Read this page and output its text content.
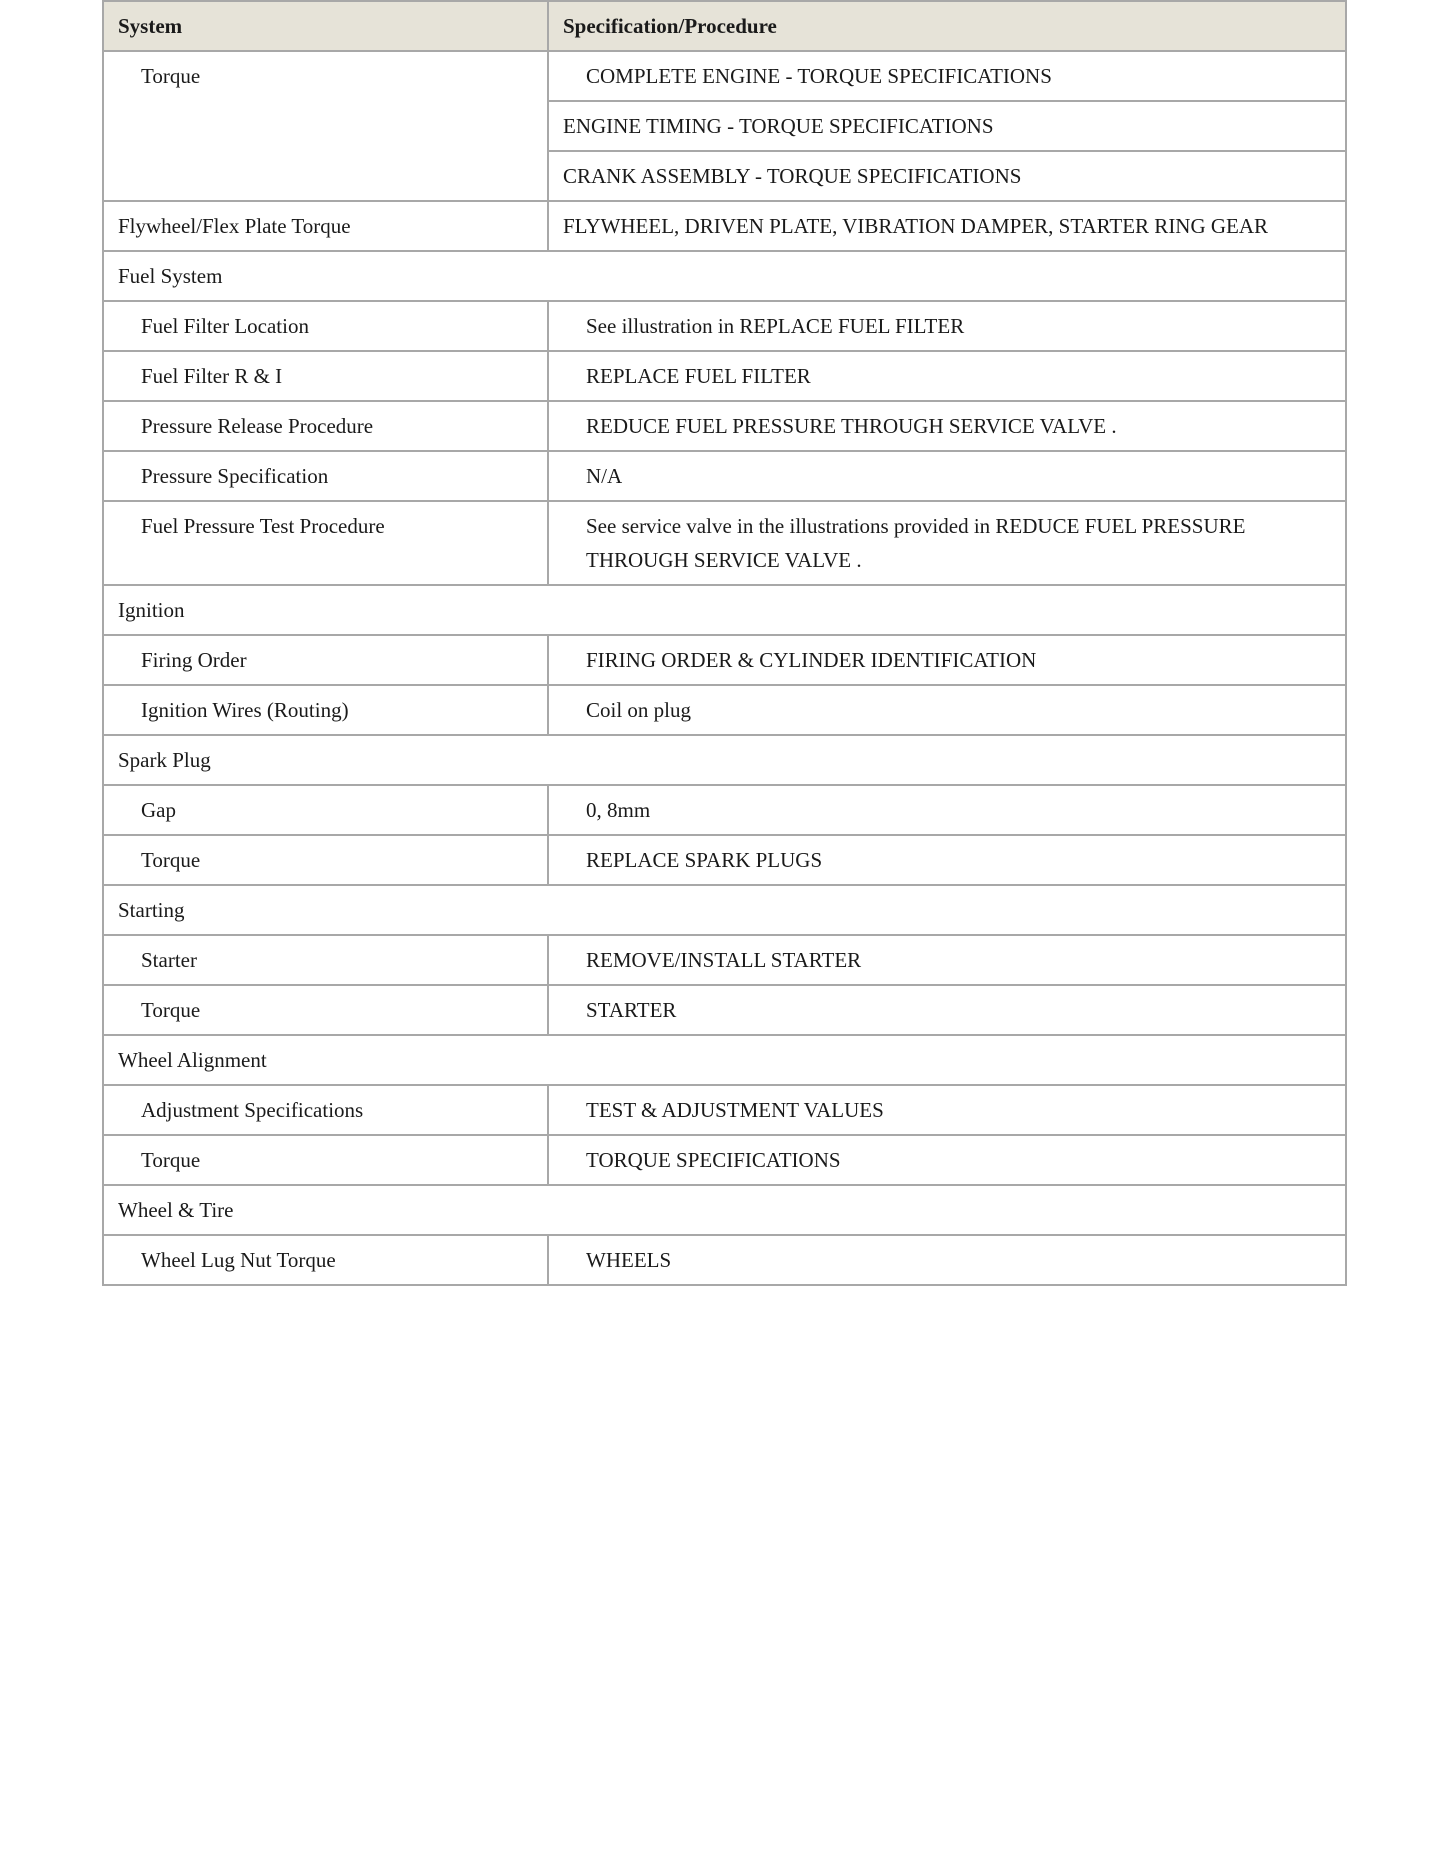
System	Specification/Procedure
Torque	COMPLETE ENGINE - TORQUE SPECIFICATIONS
	ENGINE TIMING - TORQUE SPECIFICATIONS
	CRANK ASSEMBLY - TORQUE SPECIFICATIONS
Flywheel/Flex Plate Torque	FLYWHEEL, DRIVEN PLATE, VIBRATION DAMPER, STARTER RING GEAR
Fuel System	
Fuel Filter Location	See illustration in REPLACE FUEL FILTER
Fuel Filter R & I	REPLACE FUEL FILTER
Pressure Release Procedure	REDUCE FUEL PRESSURE THROUGH SERVICE VALVE .
Pressure Specification	N/A
Fuel Pressure Test Procedure	See service valve in the illustrations provided in REDUCE FUEL PRESSURE THROUGH SERVICE VALVE .
Ignition	
Firing Order	FIRING ORDER & CYLINDER IDENTIFICATION
Ignition Wires (Routing)	Coil on plug
Spark Plug	
Gap	0, 8mm
Torque	REPLACE SPARK PLUGS
Starting	
Starter	REMOVE/INSTALL STARTER
Torque	STARTER
Wheel Alignment	
Adjustment Specifications	TEST & ADJUSTMENT VALUES
Torque	TORQUE SPECIFICATIONS
Wheel & Tire	
Wheel Lug Nut Torque	WHEELS
